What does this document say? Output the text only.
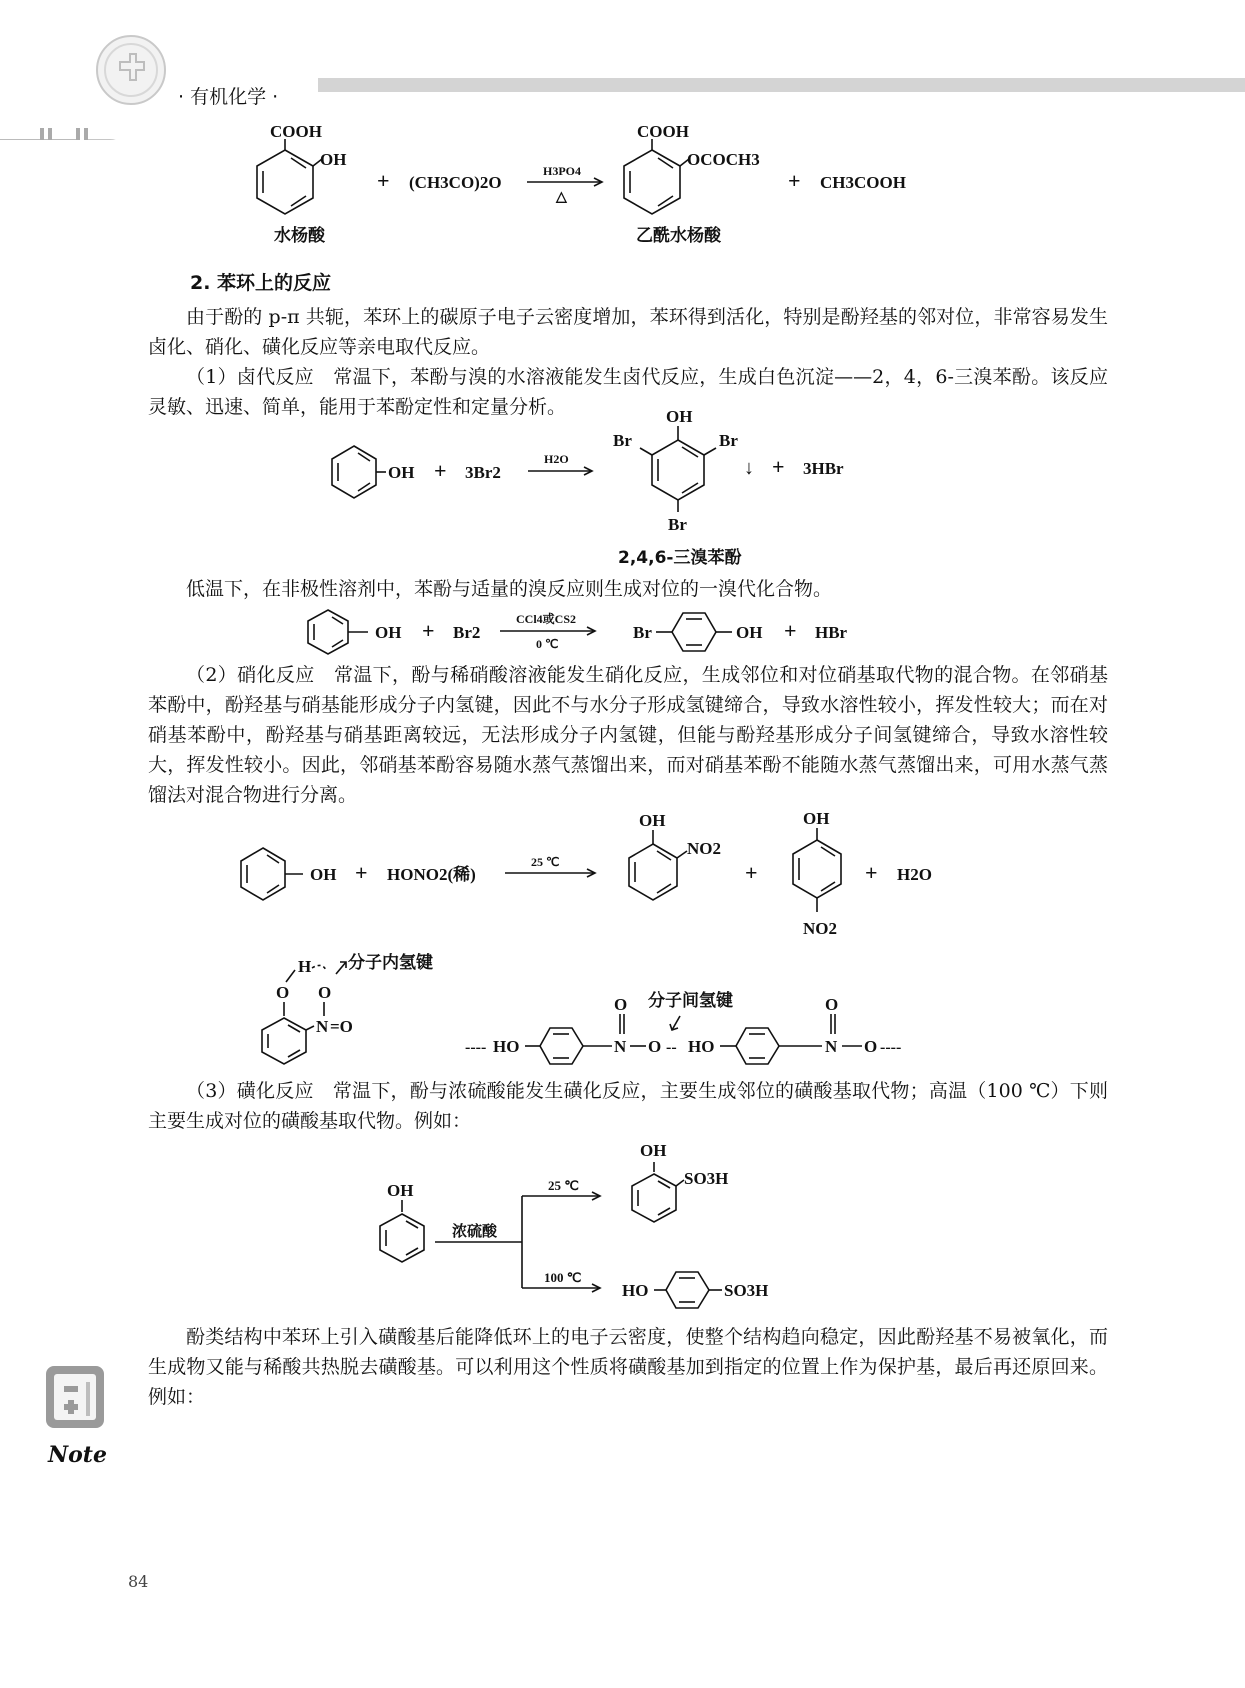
· 有机化学 ·
COOH
OH
+ (CH3CO)2O
H3PO4
△
COOH
OCOCH3
+ CH3COOH
水杨酸	乙酰水杨酸
2. 苯环上的反应
由于酚的 p-π 共轭，苯环上的碳原子电子云密度增加，苯环得到活化，特别是酚羟基的邻对位，非常容易发生卤化、硝化、磺化反应等亲电取代反应。
（1）卤代反应　常温下，苯酚与溴的水溶液能发生卤代反应，生成白色沉淀——2，4，6-三溴苯酚。该反应灵敏、迅速、简单，能用于苯酚定性和定量分析。
OH + 3Br2
H2O
OH
Br	Br
Br
↓ + 3HBr
2,4,6-三溴苯酚
低温下，在非极性溶剂中，苯酚与适量的溴反应则生成对位的一溴代化合物。
OH + Br2
CCl4或CS2
0 ℃
Br	OH + HBr
（2）硝化反应　常温下，酚与稀硝酸溶液能发生硝化反应，生成邻位和对位硝基取代物的混合物。在邻硝基苯酚中，酚羟基与硝基能形成分子内氢键，因此不与水分子形成氢键缔合，导致水溶性较小，挥发性较大；而在对硝基苯酚中，酚羟基与硝基距离较远，无法形成分子内氢键，但能与酚羟基形成分子间氢键缔合，导致水溶性较大，挥发性较小。因此，邻硝基苯酚容易随水蒸气蒸馏出来，而对硝基苯酚不能随水蒸气蒸馏出来，可用水蒸气蒸馏法对混合物进行分离。
OH + HONO2(稀)
25 ℃
OH
NO2
+
OH
NO2
+ H2O
H 分子内氢键
O O
N =O
分子间氢键
---- HO	N
O
O -- HO	N
O
O ----
（3）磺化反应　常温下，酚与浓硫酸能发生磺化反应，主要生成邻位的磺酸基取代物；高温（100 ℃）下则主要生成对位的磺酸基取代物。例如：
OH
浓硫酸
25 ℃
100 ℃
OH
SO3H
HO	SO3H
酚类结构中苯环上引入磺酸基后能降低环上的电子云密度，使整个结构趋向稳定，因此酚羟基不易被氧化，而生成物又能与稀酸共热脱去磺酸基。可以利用这个性质将磺酸基加到指定的位置上作为保护基，最后再还原回来。例如：
Note
84
